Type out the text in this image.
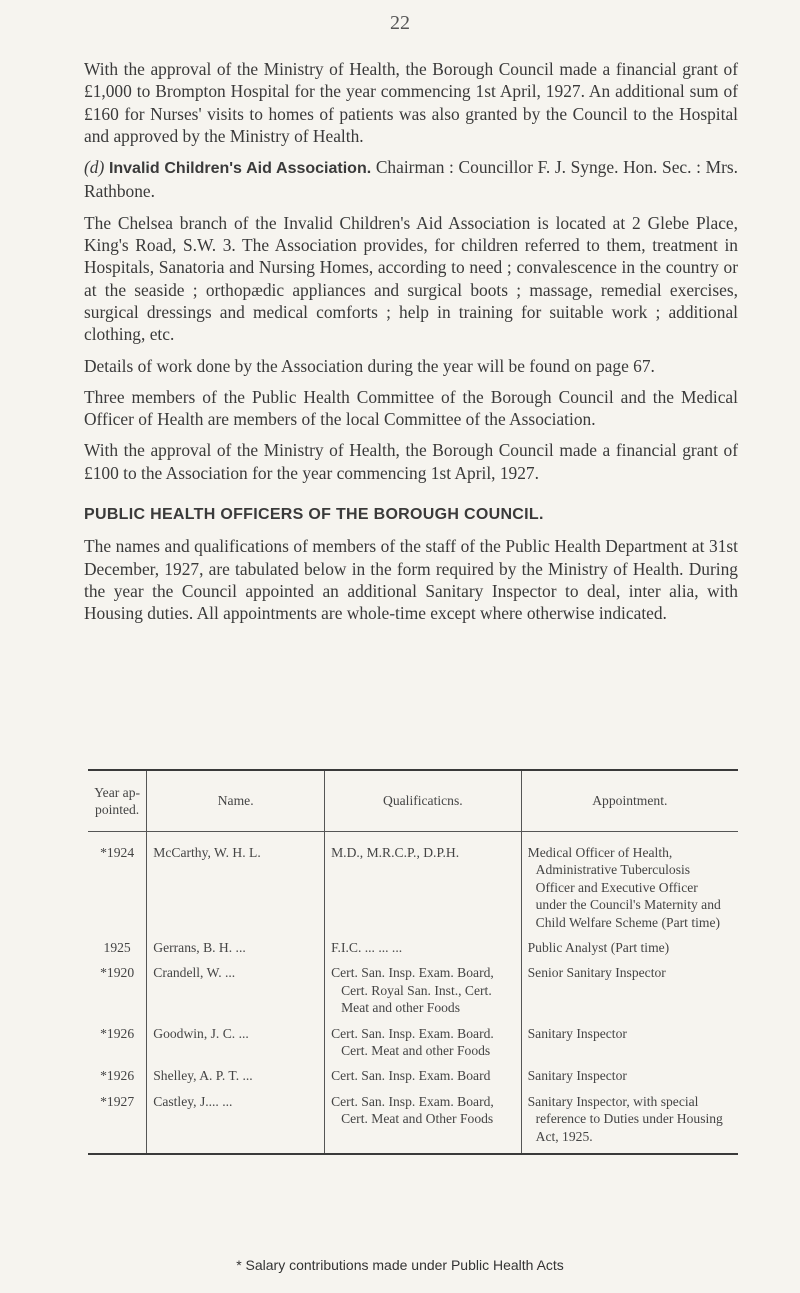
22

With the approval of the Ministry of Health, the Borough Council made a financial grant of £1,000 to Brompton Hospital for the year commencing 1st April, 1927. An additional sum of £160 for Nurses' visits to homes of patients was also granted by the Council to the Hospital and approved by the Ministry of Health.

(d) Invalid Children's Aid Association. Chairman : Councillor F. J. Synge. Hon. Sec. : Mrs. Rathbone.

The Chelsea branch of the Invalid Children's Aid Association is located at 2 Glebe Place, King's Road, S.W. 3. The Association provides, for children referred to them, treatment in Hospitals, Sanatoria and Nursing Homes, according to need ; convalescence in the country or at the seaside ; orthopædic appliances and surgical boots ; massage, remedial exercises, surgical dressings and medical comforts ; help in training for suitable work ; additional clothing, etc.

Details of work done by the Association during the year will be found on page 67.

Three members of the Public Health Committee of the Borough Council and the Medical Officer of Health are members of the local Committee of the Association.

With the approval of the Ministry of Health, the Borough Council made a financial grant of £100 to the Association for the year commencing 1st April, 1927.

PUBLIC HEALTH OFFICERS OF THE BOROUGH COUNCIL.

The names and qualifications of members of the staff of the Public Health Department at 31st December, 1927, are tabulated below in the form required by the Ministry of Health. During the year the Council appointed an additional Sanitary Inspector to deal, inter alia, with Housing duties. All appointments are whole-time except where otherwise indicated.

Year ap- pointed.	Name.	Qualificaticns.	Appointment.
*1924	McCarthy, W. H. L.	M.D., M.R.C.P., D.P.H.	Medical Officer of Health, Administrative Tuberculosis Officer and Executive Officer under the Council's Maternity and Child Welfare Scheme (Part time)
1925	Gerrans, B. H. ...	F.I.C. ... ... ...	Public Analyst (Part time)
*1920	Crandell, W. ...	Cert. San. Insp. Exam. Board, Cert. Royal San. Inst., Cert. Meat and other Foods	Senior Sanitary Inspector
*1926	Goodwin, J. C. ...	Cert. San. Insp. Exam. Board. Cert. Meat and other Foods	Sanitary Inspector
*1926	Shelley, A. P. T. ...	Cert. San. Insp. Exam. Board	Sanitary Inspector
*1927	Castley, J.... ...	Cert. San. Insp. Exam. Board, Cert. Meat and Other Foods	Sanitary Inspector, with special reference to Duties under Housing Act, 1925.
* Salary contributions made under Public Health Acts
